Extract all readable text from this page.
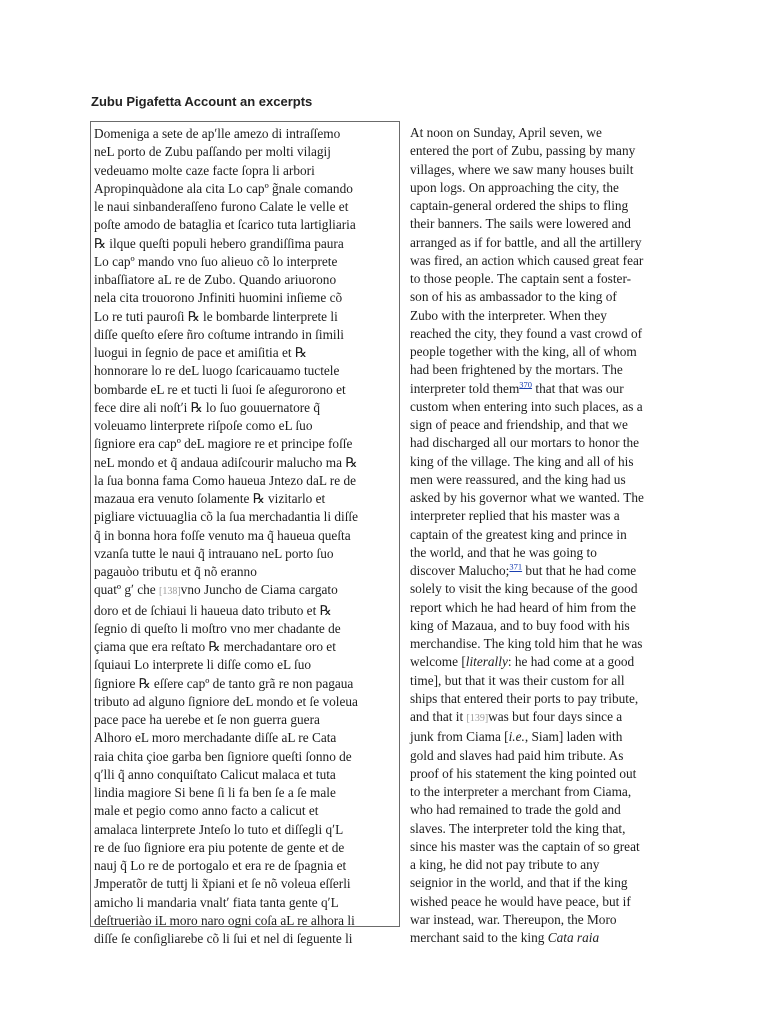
Zubu Pigafetta Account an excerpts
Domeniga a sete de apʹlle amezo di intraſſemo
neL porto de Zubu paſſando per molti vilagij
vedeuamo molte caze facte ſopra li arbori
Apropinquàdone ala cita Lo capº g̃nale comando
le naui sinbanderaſſeno furono Calate le velle et
poſte amodo de bataglia et ſcarico tuta lartigliaria
℞ ilque queſti populi hebero grandiſſima paura
Lo capº mando vno ſuo alieuo cõ lo interprete
inbaſſiatore aL re de Zubo. Quando ariuorono
nela cita trouorono Jnfiniti huomini inſieme cõ
Lo re tuti pauroſi ℞ le bombarde linterprete li
diſſe queſto eſere ñro coſtume intrando in ſimili
luogui in ſegnio de pace et amiſitia et ℞
honnorare lo re deL luogo ſcaricauamo tuctele
bombarde eL re et tucti li ſuoi ſe aſegurorono et
fece dire ali noſtʹi ℞ lo ſuo gouuernatore q̃
voleuamo linterprete riſpoſe como eL ſuo
ſigniore era capº deL magiore re et principe foſſe
neL mondo et q̃ andaua adiſcourir malucho ma ℞
la ſua bonna fama Como haueua Jntezo daL re de
mazaua era venuto ſolamente ℞ vizitarlo et
pigliare victuuaglia cõ la ſua merchadantia li diſſe
q̃ in bonna hora foſſe venuto ma q̃ haueua queſta
vzanſa tutte le naui q̃ intrauano neL porto ſuo
pagauòo tributu et q̃ nõ eranno
quatº gʹ che [138]vno Juncho de Ciama cargato
doro et de ſchiaui li haueua dato tributo et ℞
ſegnio di queſto li moſtro vno mer chadante de
çiama que era reſtato ℞ merchadantare oro et
ſquiaui Lo interprete li diſſe como eL ſuo
ſigniore ℞ eſſere capº de tanto grã re non pagaua
tributo ad alguno ſigniore deL mondo et ſe voleua
pace pace ha uerebe et ſe non guerra guera
Alhoro eL moro merchadante diſſe aL re Cata
raia chita çioe garba ben ſigniore queſti ſonno de
qʹlli q̃ anno conquiſtato Calicut malaca et tuta
lindia magiore Si bene ſi li fa ben ſe a ſe male
male et pegio como anno facto a calicut et
amalaca linterprete Jnteſo lo tuto et diſſegli qʹL
re de ſuo ſigniore era piu potente de gente et de
nauj q̃ Lo re de portogalo et era re de ſpagnia et
Jmperatõr de tuttj li x̃piani et ſe nõ voleua eſſerli
amicho li mandaria vnaltʹ fiata tanta gente qʹL
deſtrueriào iL moro naro ogni coſa aL re alhora li
diſſe ſe conſigliarebe cõ li ſui et nel di ſeguente li
At noon on Sunday, April seven, we
entered the port of Zubu, passing by many
villages, where we saw many houses built
upon logs. On approaching the city, the
captain-general ordered the ships to fling
their banners. The sails were lowered and
arranged as if for battle, and all the artillery
was fired, an action which caused great fear
to those people. The captain sent a foster-
son of his as ambassador to the king of
Zubo with the interpreter. When they
reached the city, they found a vast crowd of
people together with the king, all of whom
had been frightened by the mortars. The
interpreter told them$^{370}$ that that was our
custom when entering into such places, as a
sign of peace and friendship, and that we
had discharged all our mortars to honor the
king of the village. The king and all of his
men were reassured, and the king had us
asked by his governor what we wanted. The
interpreter replied that his master was a
captain of the greatest king and prince in
the world, and that he was going to
discover Malucho;$^{371}$ but that he had come
solely to visit the king because of the good
report which he had heard of him from the
king of Mazaua, and to buy food with his
merchandise. The king told him that he was
welcome [literally: he had come at a good
time], but that it was their custom for all
ships that entered their ports to pay tribute,
and that it [139]was but four days since a
junk from Ciama [i.e., Siam] laden with
gold and slaves had paid him tribute. As
proof of his statement the king pointed out
to the interpreter a merchant from Ciama,
who had remained to trade the gold and
slaves. The interpreter told the king that,
since his master was the captain of so great
a king, he did not pay tribute to any
seignior in the world, and that if the king
wished peace he would have peace, but if
war instead, war. Thereupon, the Moro
merchant said to the king Cata raia
